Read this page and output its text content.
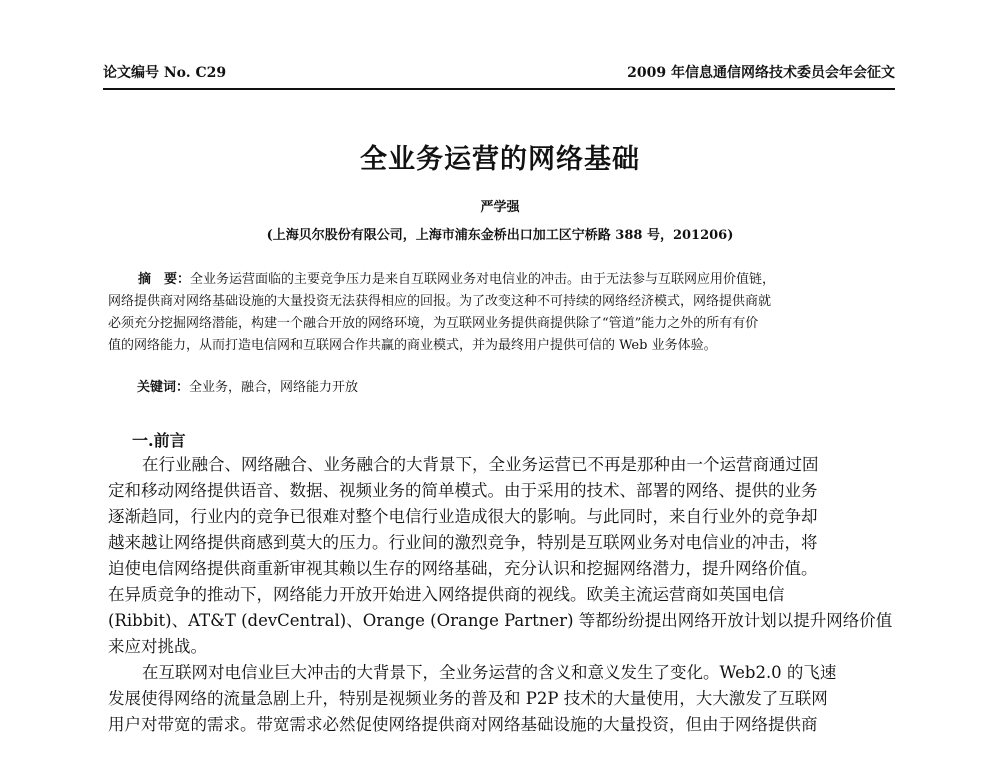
论文编号 No. C29	2009 年信息通信网络技术委员会年会征文
全业务运营的网络基础
严学强
(上海贝尔股份有限公司，上海市浦东金桥出口加工区宁桥路 388 号，201206)
摘　要：全业务运营面临的主要竞争压力是来自互联网业务对电信业的冲击。由于无法参与互联网应用价值链，
网络提供商对网络基础设施的大量投资无法获得相应的回报。为了改变这种不可持续的网络经济模式，网络提供商就
必须充分挖掘网络潜能，构建一个融合开放的网络环境，为互联网业务提供商提供除了“管道”能力之外的所有有价
值的网络能力，从而打造电信网和互联网合作共赢的商业模式，并为最终用户提供可信的 Web 业务体验。
关键词：全业务，融合，网络能力开放
一.前言
在行业融合、网络融合、业务融合的大背景下，全业务运营已不再是那种由一个运营商通过固
定和移动网络提供语音、数据、视频业务的简单模式。由于采用的技术、部署的网络、提供的业务
逐渐趋同，行业内的竞争已很难对整个电信行业造成很大的影响。与此同时，来自行业外的竞争却
越来越让网络提供商感到莫大的压力。行业间的激烈竞争，特别是互联网业务对电信业的冲击，将
迫使电信网络提供商重新审视其赖以生存的网络基础，充分认识和挖掘网络潜力，提升网络价值。
在异质竞争的推动下，网络能力开放开始进入网络提供商的视线。欧美主流运营商如英国电信
(Ribbit)、AT&T (devCentral)、Orange (Orange Partner) 等都纷纷提出网络开放计划以提升网络价值
来应对挑战。
在互联网对电信业巨大冲击的大背景下，全业务运营的含义和意义发生了变化。Web2.0 的飞速
发展使得网络的流量急剧上升，特别是视频业务的普及和 P2P 技术的大量使用，大大激发了互联网
用户对带宽的需求。带宽需求必然促使网络提供商对网络基础设施的大量投资，但由于网络提供商
